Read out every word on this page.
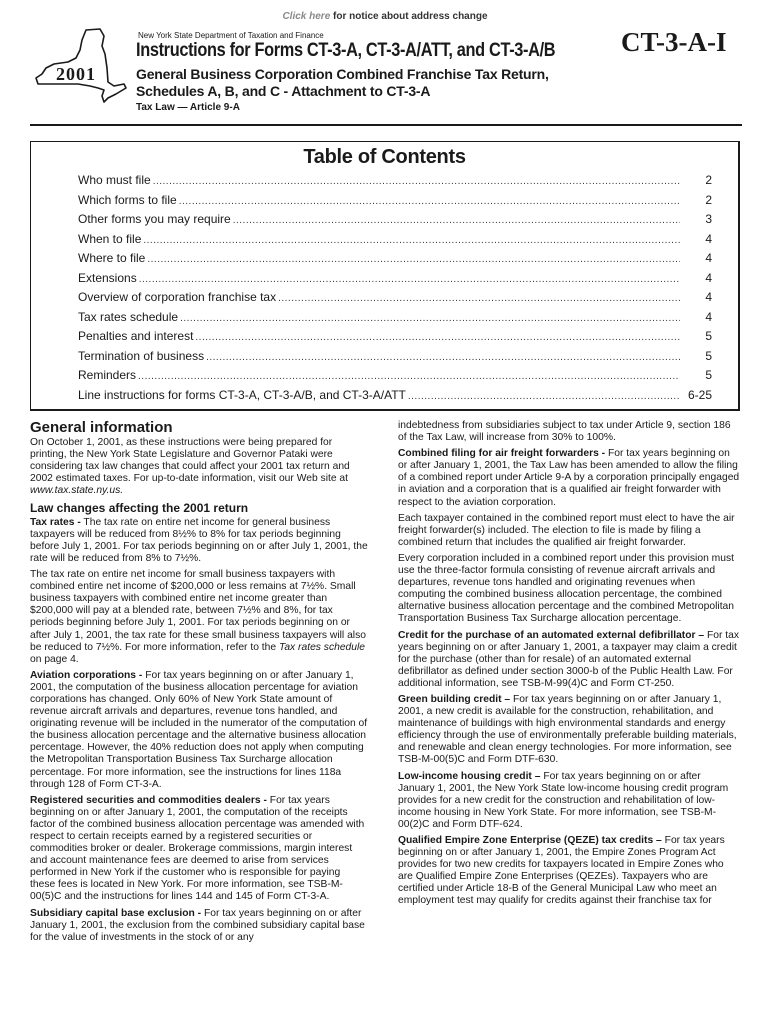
Click here for notice about address change
2001
New York State Department of Taxation and Finance
Instructions for Forms CT-3-A, CT-3-A/ATT, and CT-3-A/B
General Business Corporation Combined Franchise Tax Return,
Schedules A, B, and C - Attachment to CT-3-A
Tax Law — Article 9-A
CT-3-A-I
Table of Contents
Who must file .....	2
Which forms to file .....	2
Other forms you may require .....	3
When to file .....	4
Where to file .....	4
Extensions .....	4
Overview of corporation franchise tax .....	4
Tax rates schedule .....	4
Penalties and interest .....	5
Termination of business .....	5
Reminders .....	5
Line instructions for forms CT-3-A, CT-3-A/B, and CT-3-A/ATT .....	6-25
General information

On October 1, 2001, as these instructions were being prepared for printing, the New York State Legislature and Governor Pataki were considering tax law changes that could affect your 2001 tax return and 2002 estimated taxes. For up-to-date information, visit our Web site at www.tax.state.ny.us.

Law changes affecting the 2001 return

Tax rates - The tax rate on entire net income for general business taxpayers will be reduced from 8½% to 8% for tax periods beginning before July 1, 2001. For tax periods beginning on or after July 1, 2001, the rate will be reduced from 8% to 7½%.

The tax rate on entire net income for small business taxpayers with combined entire net income of $200,000 or less remains at 7½%. Small business taxpayers with combined entire net income greater than $200,000 will pay at a blended rate, between 7½% and 8%, for tax periods beginning before July 1, 2001. For tax periods beginning on or after July 1, 2001, the tax rate for these small business taxpayers will also be reduced to 7½%. For more information, refer to the Tax rates schedule on page 4.

Aviation corporations - For tax years beginning on or after January 1, 2001, the computation of the business allocation percentage for aviation corporations has changed. Only 60% of New York State amount of revenue aircraft arrivals and departures, revenue tons handled, and originating revenue will be included in the numerator of the computation of the business allocation percentage and the alternative business allocation percentage. However, the 40% reduction does not apply when computing the Metropolitan Transportation Business Tax Surcharge allocation percentage. For more information, see the instructions for lines 118a through 128 of Form CT-3-A.

Registered securities and commodities dealers - For tax years beginning on or after January 1, 2001, the computation of the receipts factor of the combined business allocation percentage was amended with respect to certain receipts earned by a registered securities or commodities broker or dealer. Brokerage commissions, margin interest and account maintenance fees are deemed to arise from services performed in New York if the customer who is responsible for paying these fees is located in New York. For more information, see TSB-M-00(5)C and the instructions for lines 144 and 145 of Form CT-3-A.

Subsidiary capital base exclusion - For tax years beginning on or after January 1, 2001, the exclusion from the combined subsidiary capital base for the value of investments in the stock of or any

indebtedness from subsidiaries subject to tax under Article 9, section 186 of the Tax Law, will increase from 30% to 100%.

Combined filing for air freight forwarders - For tax years beginning on or after January 1, 2001, the Tax Law has been amended to allow the filing of a combined report under Article 9-A by a corporation principally engaged in aviation and a corporation that is a qualified air freight forwarder with respect to the aviation corporation.

Each taxpayer contained in the combined report must elect to have the air freight forwarder(s) included. The election to file is made by filing a combined return that includes the qualified air freight forwarder.

Every corporation included in a combined report under this provision must use the three-factor formula consisting of revenue aircraft arrivals and departures, revenue tons handled and originating revenues when computing the combined business allocation percentage, the combined alternative business allocation percentage and the combined Metropolitan Transportation Business Tax Surcharge allocation percentage.

Credit for the purchase of an automated external defibrillator – For tax years beginning on or after January 1, 2001, a taxpayer may claim a credit for the purchase (other than for resale) of an automated external defibrillator as defined under section 3000-b of the Public Health Law. For additional information, see TSB-M-99(4)C and Form CT-250.

Green building credit – For tax years beginning on or after January 1, 2001, a new credit is available for the construction, rehabilitation, and maintenance of buildings with high environmental standards and energy efficiency through the use of environmentally preferable building materials, and renewable and clean energy technologies. For more information, see TSB-M-00(5)C and Form DTF-630.

Low-income housing credit – For tax years beginning on or after January 1, 2001, the New York State low-income housing credit program provides for a new credit for the construction and rehabilitation of low-income housing in New York State. For more information, see TSB-M-00(2)C and Form DTF-624.

Qualified Empire Zone Enterprise (QEZE) tax credits – For tax years beginning on or after January 1, 2001, the Empire Zones Program Act provides for two new credits for taxpayers located in Empire Zones who are Qualified Empire Zone Enterprises (QEZEs). Taxpayers who are certified under Article 18-B of the General Municipal Law who meet an employment test may qualify for credits against their franchise tax for
